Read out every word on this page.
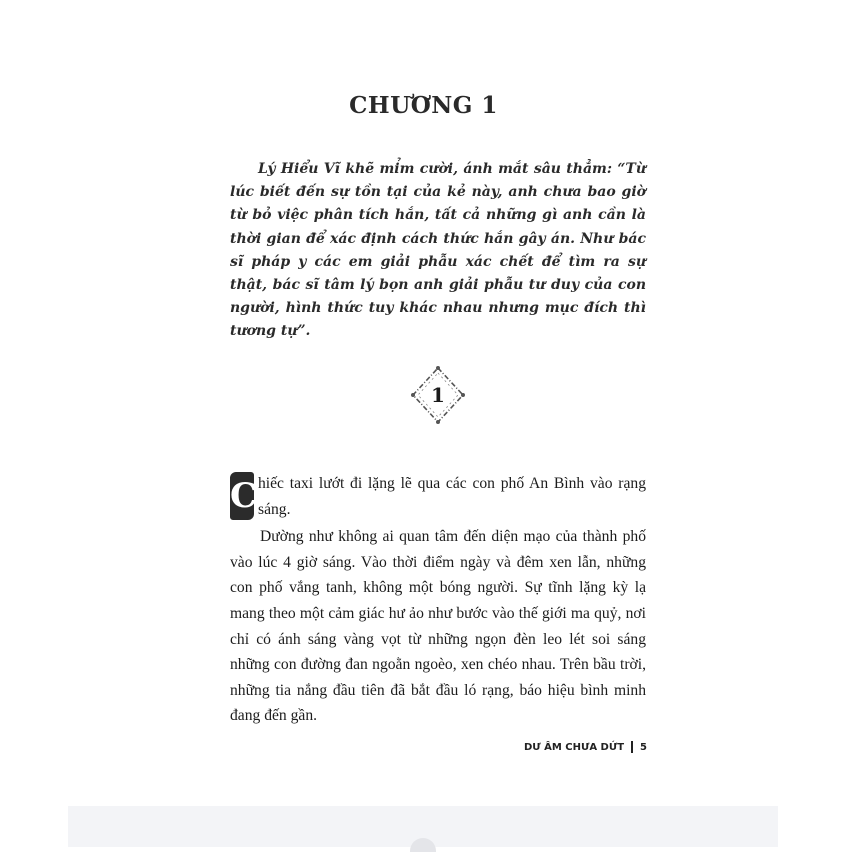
CHƯƠNG 1
Lý Hiểu Vĩ khẽ mỉm cười, ánh mắt sâu thẳm: “Từ lúc biết đến sự tồn tại của kẻ này, anh chưa bao giờ từ bỏ việc phân tích hắn, tất cả những gì anh cần là thời gian để xác định cách thức hắn gây án. Như bác sĩ pháp y các em giải phẫu xác chết để tìm ra sự thật, bác sĩ tâm lý bọn anh giải phẫu tư duy của con người, hình thức tuy khác nhau nhưng mục đích thì tương tự”.
1

C hiếc taxi lướt đi lặng lẽ qua các con phố An Bình vào rạng sáng.

Dường như không ai quan tâm đến diện mạo của thành phố vào lúc 4 giờ sáng. Vào thời điểm ngày và đêm xen lẫn, những con phố vắng tanh, không một bóng người. Sự tĩnh lặng kỳ lạ mang theo một cảm giác hư ảo như bước vào thế giới ma quỷ, nơi chỉ có ánh sáng vàng vọt từ những ngọn đèn leo lét soi sáng những con đường đan ngoằn ngoèo, xen chéo nhau. Trên bầu trời, những tia nắng đầu tiên đã bắt đầu ló rạng, báo hiệu bình minh đang đến gần.

DƯ ÂM CHƯA DỨT 5
